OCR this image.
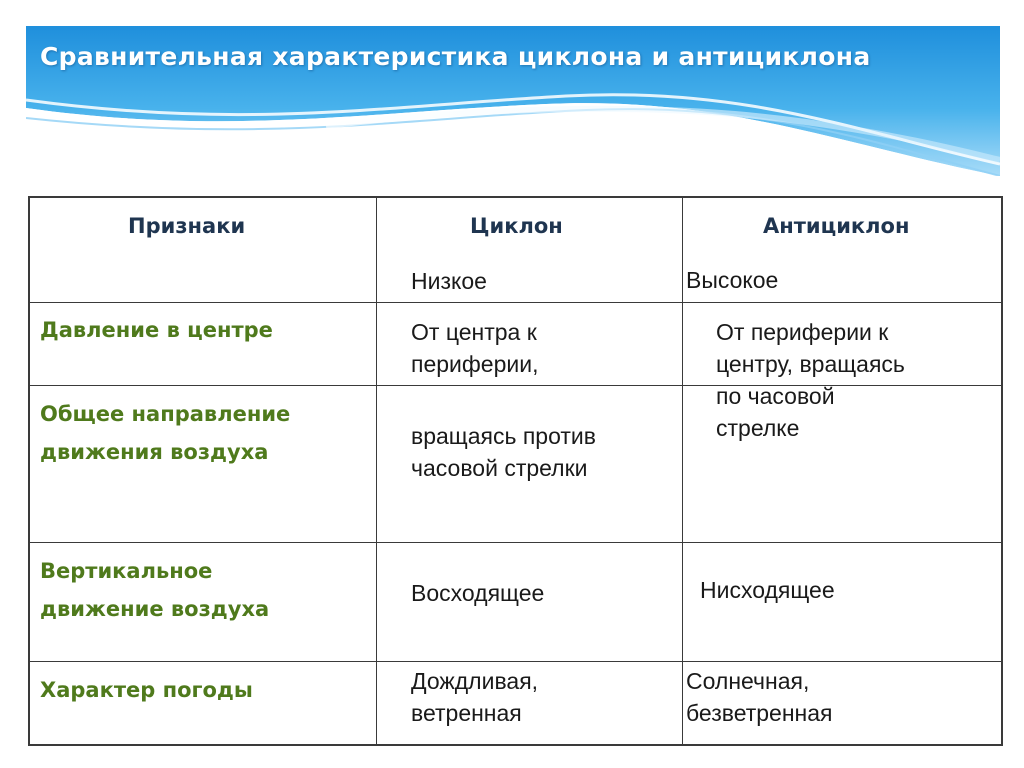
Сравнительная характеристика циклона и антициклона
Признаки	Циклон	Антициклон
Давление в центре
Общее направление
движения воздуха
Вертикальное
движение воздуха
Характер погоды
Низкое
От центра к
периферии,
вращаясь против
часовой стрелки
Восходящее
Дождливая,
ветренная
Высокое
От периферии к
центру, вращаясь
по часовой
стрелке
Нисходящее
Солнечная,
безветренная
